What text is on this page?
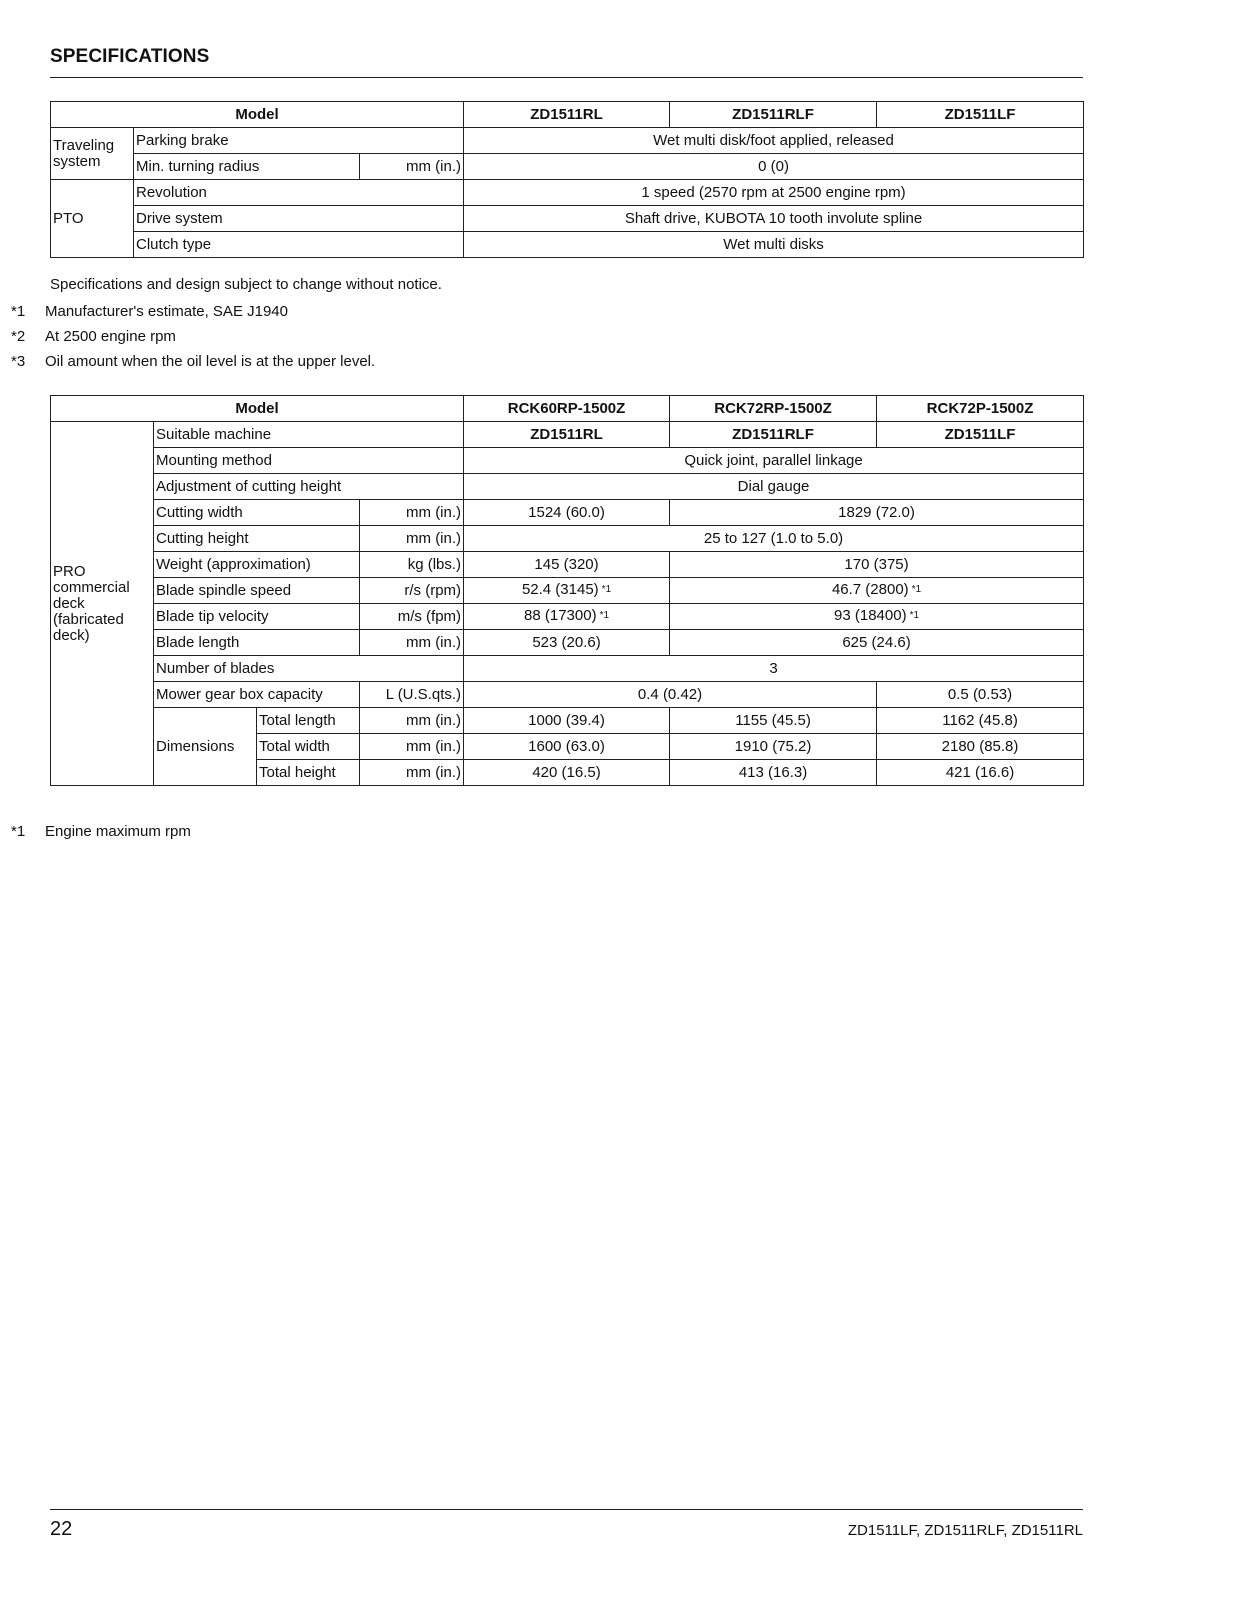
SPECIFICATIONS
Model			ZD1511RL	ZD1511RLF	ZD1511LF
Traveling system	Parking brake		Wet multi disk/foot applied, released		
	Min. turning radius	mm (in.)	0 (0)		
PTO	Revolution		1 speed (2570 rpm at 2500 engine rpm)		
	Drive system		Shaft drive, KUBOTA 10 tooth involute spline		
	Clutch type		Wet multi disks		
Specifications and design subject to change without notice.
*1 Manufacturer's estimate, SAE J1940
*2 At 2500 engine rpm
*3 Oil amount when the oil level is at the upper level.
Model				RCK60RP-1500Z	RCK72RP-1500Z	RCK72P-1500Z

PRO commercial deck (fabricated deck)	Suitable machine			ZD1511RL	ZD1511RLF	ZD1511LF
	Mounting method			Quick joint, parallel linkage		
	Adjustment of cutting height			Dial gauge		
	Cutting width		mm (in.)	1524 (60.0)	1829 (72.0)	
	Cutting height		mm (in.)	25 to 127 (1.0 to 5.0)		
	Weight (approximation)		kg (lbs.)	145 (320)	170 (375)	
	Blade spindle speed		r/s (rpm)	52.4 (3145) $^{*1}$	46.7 (2800) $^{*1}$
	Blade tip velocity		m/s (fpm)	88 (17300) $^{*1}$	93 (18400) $^{*1}$
	Blade length		mm (in.)	523 (20.6)	625 (24.6)	
	Number of blades			3		
	Mower gear box capacity		L (U.S.qts.)	0.4 (0.42)		0.5 (0.53)
	Dimensions	Total length	mm (in.)	1000 (39.4)	1155 (45.5)	1162 (45.8)
		Total width	mm (in.)	1600 (63.0)	1910 (75.2)	2180 (85.8)
		Total height	mm (in.)	420 (16.5)	413 (16.3)	421 (16.6)
*1 Engine maximum rpm
22	ZD1511LF, ZD1511RLF, ZD1511RL
